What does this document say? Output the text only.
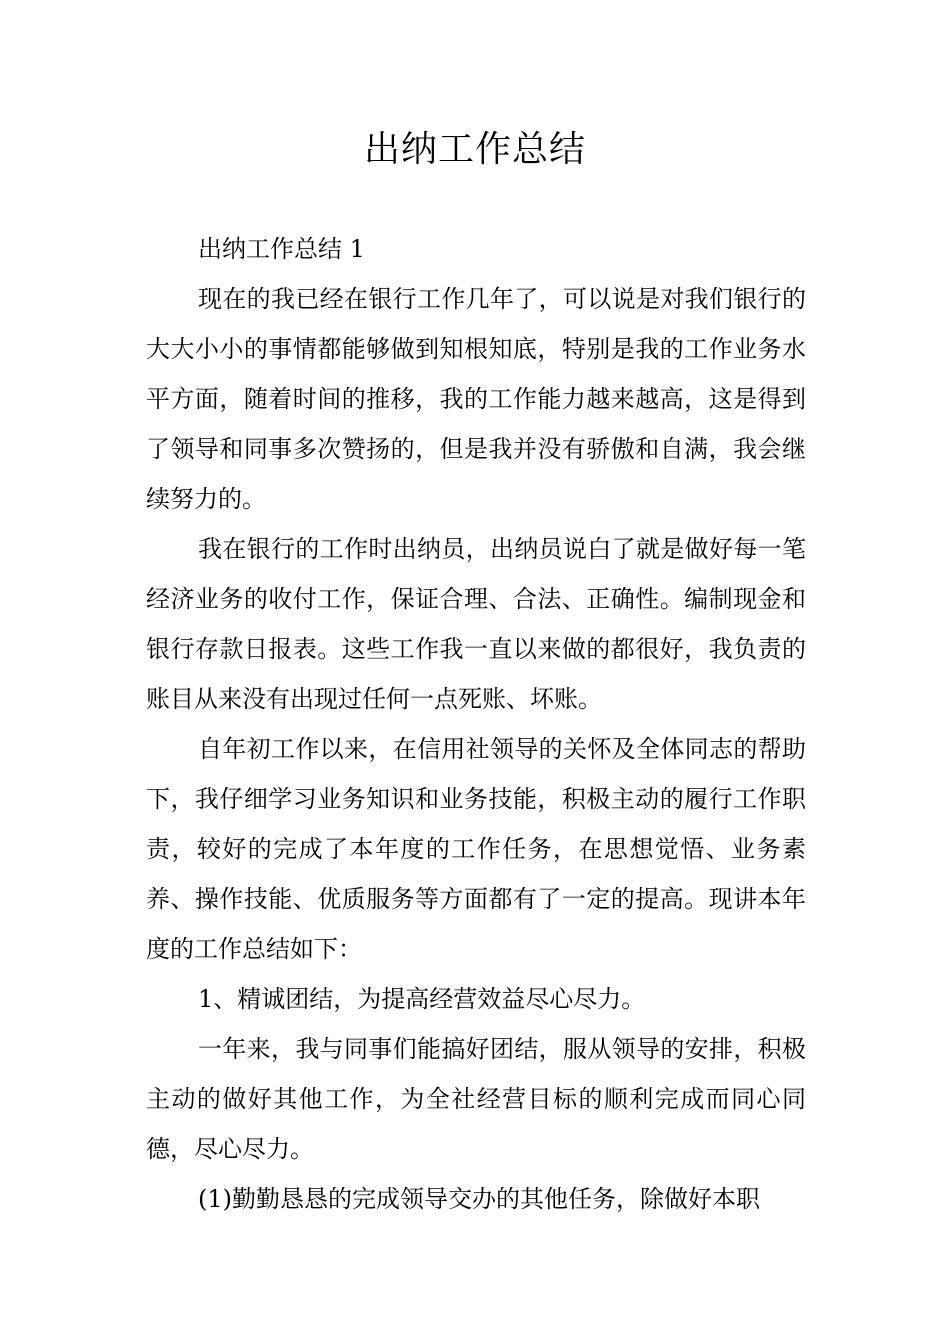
出纳工作总结

出纳工作总结 1

现在的我已经在银行工作几年了，可以说是对我们银行的大大小小的事情都能够做到知根知底，特别是我的工作业务水平方面，随着时间的推移，我的工作能力越来越高，这是得到了领导和同事多次赞扬的，但是我并没有骄傲和自满，我会继续努力的。

我在银行的工作时出纳员，出纳员说白了就是做好每一笔经济业务的收付工作，保证合理、合法、正确性。编制现金和银行存款日报表。这些工作我一直以来做的都很好，我负责的账目从来没有出现过任何一点死账、坏账。

自年初工作以来，在信用社领导的关怀及全体同志的帮助下，我仔细学习业务知识和业务技能，积极主动的履行工作职责，较好的完成了本年度的工作任务，在思想觉悟、业务素养、操作技能、优质服务等方面都有了一定的提高。现讲本年度的工作总结如下：

1、精诚团结，为提高经营效益尽心尽力。

一年来，我与同事们能搞好团结，服从领导的安排，积极主动的做好其他工作，为全社经营目标的顺利完成而同心同德，尽心尽力。

(1)勤勤恳恳的完成领导交办的其他任务，除做好本职
